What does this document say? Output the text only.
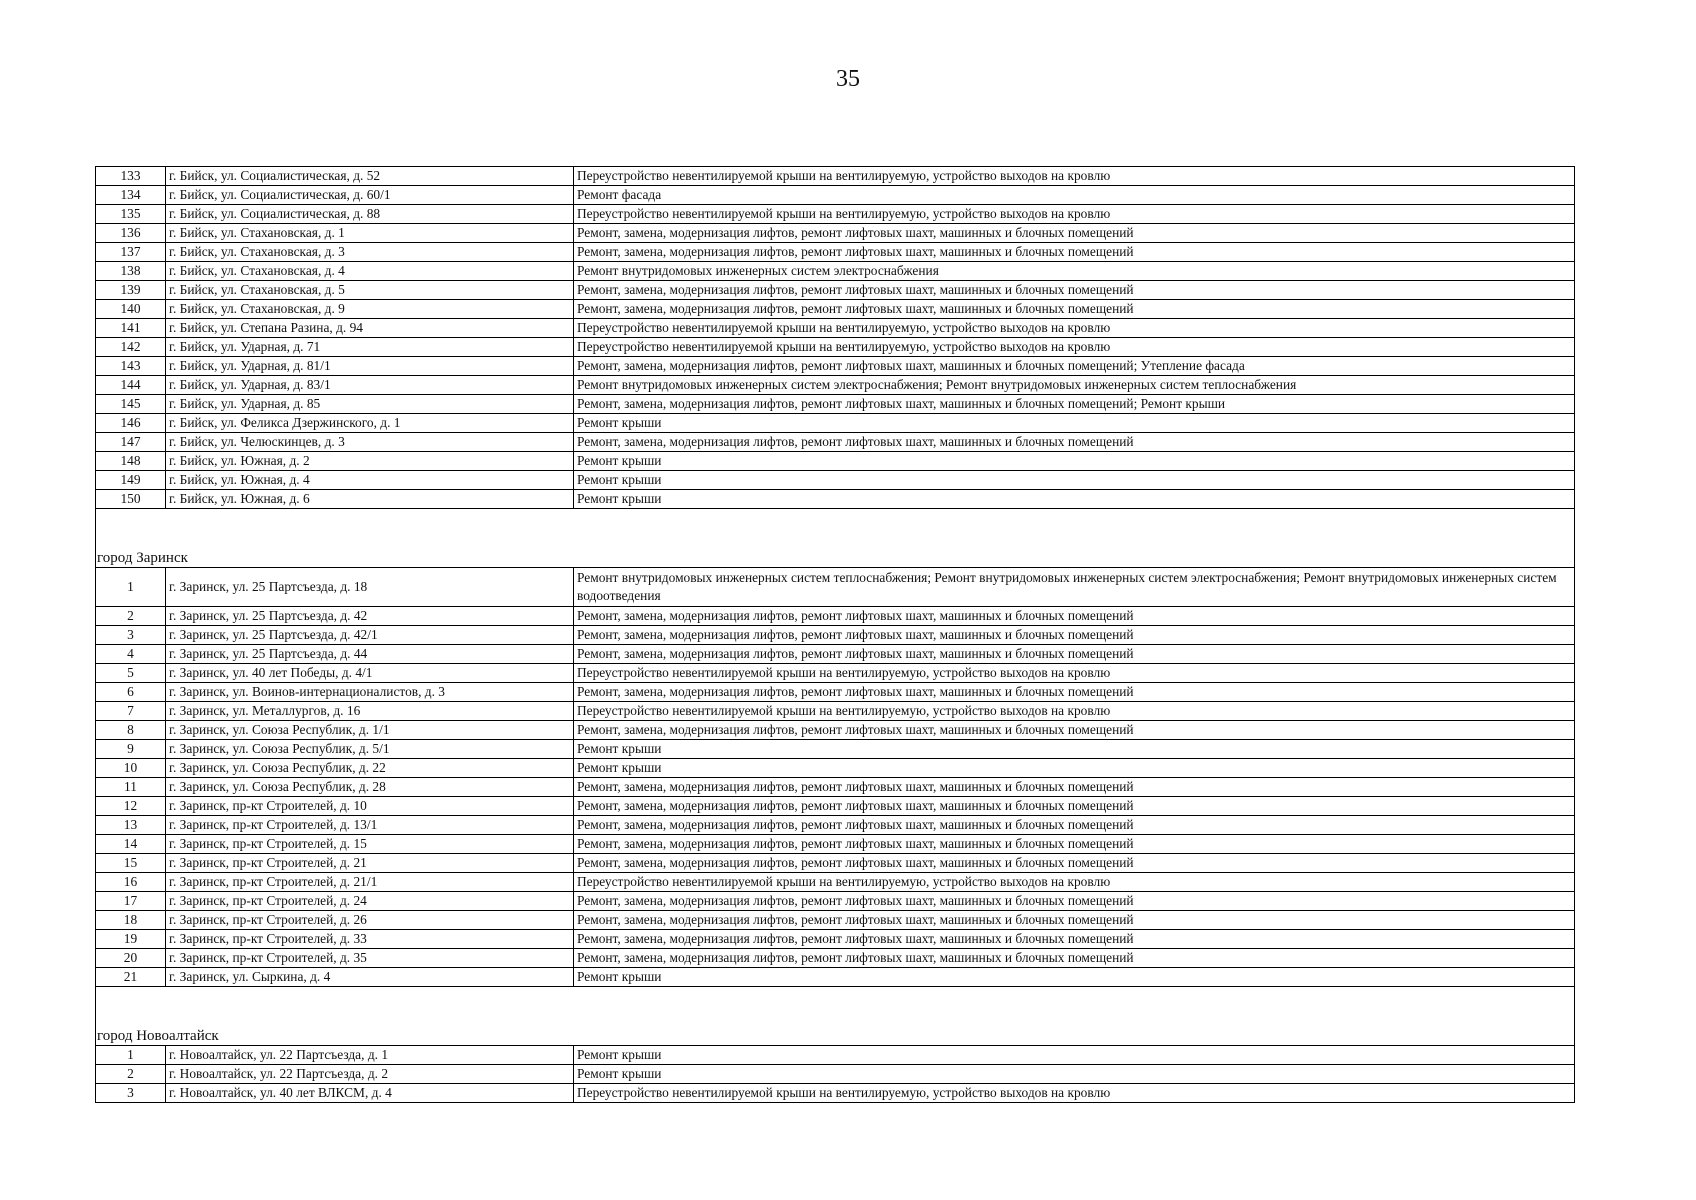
35
133	г. Бийск, ул. Социалистическая, д. 52	Переустройство невентилируемой крыши на вентилируемую, устройство выходов на кровлю
134	г. Бийск, ул. Социалистическая, д. 60/1	Ремонт фасада
135	г. Бийск, ул. Социалистическая, д. 88	Переустройство невентилируемой крыши на вентилируемую, устройство выходов на кровлю
136	г. Бийск, ул. Стахановская, д. 1	Ремонт, замена, модернизация лифтов, ремонт лифтовых шахт, машинных и блочных помещений
137	г. Бийск, ул. Стахановская, д. 3	Ремонт, замена, модернизация лифтов, ремонт лифтовых шахт, машинных и блочных помещений
138	г. Бийск, ул. Стахановская, д. 4	Ремонт внутридомовых инженерных систем электроснабжения
139	г. Бийск, ул. Стахановская, д. 5	Ремонт, замена, модернизация лифтов, ремонт лифтовых шахт, машинных и блочных помещений
140	г. Бийск, ул. Стахановская, д. 9	Ремонт, замена, модернизация лифтов, ремонт лифтовых шахт, машинных и блочных помещений
141	г. Бийск, ул. Степана Разина, д. 94	Переустройство невентилируемой крыши на вентилируемую, устройство выходов на кровлю
142	г. Бийск, ул. Ударная, д. 71	Переустройство невентилируемой крыши на вентилируемую, устройство выходов на кровлю
143	г. Бийск, ул. Ударная, д. 81/1	Ремонт, замена, модернизация лифтов, ремонт лифтовых шахт, машинных и блочных помещений; Утепление фасада
144	г. Бийск, ул. Ударная, д. 83/1	Ремонт внутридомовых инженерных систем электроснабжения; Ремонт внутридомовых инженерных систем теплоснабжения
145	г. Бийск, ул. Ударная, д. 85	Ремонт, замена, модернизация лифтов, ремонт лифтовых шахт, машинных и блочных помещений; Ремонт крыши
146	г. Бийск, ул. Феликса Дзержинского, д. 1	Ремонт крыши
147	г. Бийск, ул. Челюскинцев, д. 3	Ремонт, замена, модернизация лифтов, ремонт лифтовых шахт, машинных и блочных помещений
148	г. Бийск, ул. Южная, д. 2	Ремонт крыши
149	г. Бийск, ул. Южная, д. 4	Ремонт крыши
150	г. Бийск, ул. Южная, д. 6	Ремонт крыши

город Заринск		
1	г. Заринск, ул. 25 Партсъезда, д. 18	Ремонт внутридомовых инженерных систем теплоснабжения; Ремонт внутридомовых инженерных систем электроснабжения; Ремонт внутридомовых инженерных систем водоотведения
2	г. Заринск, ул. 25 Партсъезда, д. 42	Ремонт, замена, модернизация лифтов, ремонт лифтовых шахт, машинных и блочных помещений
3	г. Заринск, ул. 25 Партсъезда, д. 42/1	Ремонт, замена, модернизация лифтов, ремонт лифтовых шахт, машинных и блочных помещений
4	г. Заринск, ул. 25 Партсъезда, д. 44	Ремонт, замена, модернизация лифтов, ремонт лифтовых шахт, машинных и блочных помещений
5	г. Заринск, ул. 40 лет Победы, д. 4/1	Переустройство невентилируемой крыши на вентилируемую, устройство выходов на кровлю
6	г. Заринск, ул. Воинов-интернационалистов, д. 3	Ремонт, замена, модернизация лифтов, ремонт лифтовых шахт, машинных и блочных помещений
7	г. Заринск, ул. Металлургов, д. 16	Переустройство невентилируемой крыши на вентилируемую, устройство выходов на кровлю
8	г. Заринск, ул. Союза Республик, д. 1/1	Ремонт, замена, модернизация лифтов, ремонт лифтовых шахт, машинных и блочных помещений
9	г. Заринск, ул. Союза Республик, д. 5/1	Ремонт крыши
10	г. Заринск, ул. Союза Республик, д. 22	Ремонт крыши
11	г. Заринск, ул. Союза Республик, д. 28	Ремонт, замена, модернизация лифтов, ремонт лифтовых шахт, машинных и блочных помещений
12	г. Заринск, пр-кт Строителей, д. 10	Ремонт, замена, модернизация лифтов, ремонт лифтовых шахт, машинных и блочных помещений
13	г. Заринск, пр-кт Строителей, д. 13/1	Ремонт, замена, модернизация лифтов, ремонт лифтовых шахт, машинных и блочных помещений
14	г. Заринск, пр-кт Строителей, д. 15	Ремонт, замена, модернизация лифтов, ремонт лифтовых шахт, машинных и блочных помещений
15	г. Заринск, пр-кт Строителей, д. 21	Ремонт, замена, модернизация лифтов, ремонт лифтовых шахт, машинных и блочных помещений
16	г. Заринск, пр-кт Строителей, д. 21/1	Переустройство невентилируемой крыши на вентилируемую, устройство выходов на кровлю
17	г. Заринск, пр-кт Строителей, д. 24	Ремонт, замена, модернизация лифтов, ремонт лифтовых шахт, машинных и блочных помещений
18	г. Заринск, пр-кт Строителей, д. 26	Ремонт, замена, модернизация лифтов, ремонт лифтовых шахт, машинных и блочных помещений
19	г. Заринск, пр-кт Строителей, д. 33	Ремонт, замена, модернизация лифтов, ремонт лифтовых шахт, машинных и блочных помещений
20	г. Заринск, пр-кт Строителей, д. 35	Ремонт, замена, модернизация лифтов, ремонт лифтовых шахт, машинных и блочных помещений
21	г. Заринск, ул. Сыркина, д. 4	Ремонт крыши

город Новоалтайск		
1	г. Новоалтайск, ул. 22 Партсъезда, д. 1	Ремонт крыши
2	г. Новоалтайск, ул. 22 Партсъезда, д. 2	Ремонт крыши
3	г. Новоалтайск, ул. 40 лет ВЛКСМ, д. 4	Переустройство невентилируемой крыши на вентилируемую, устройство выходов на кровлю
